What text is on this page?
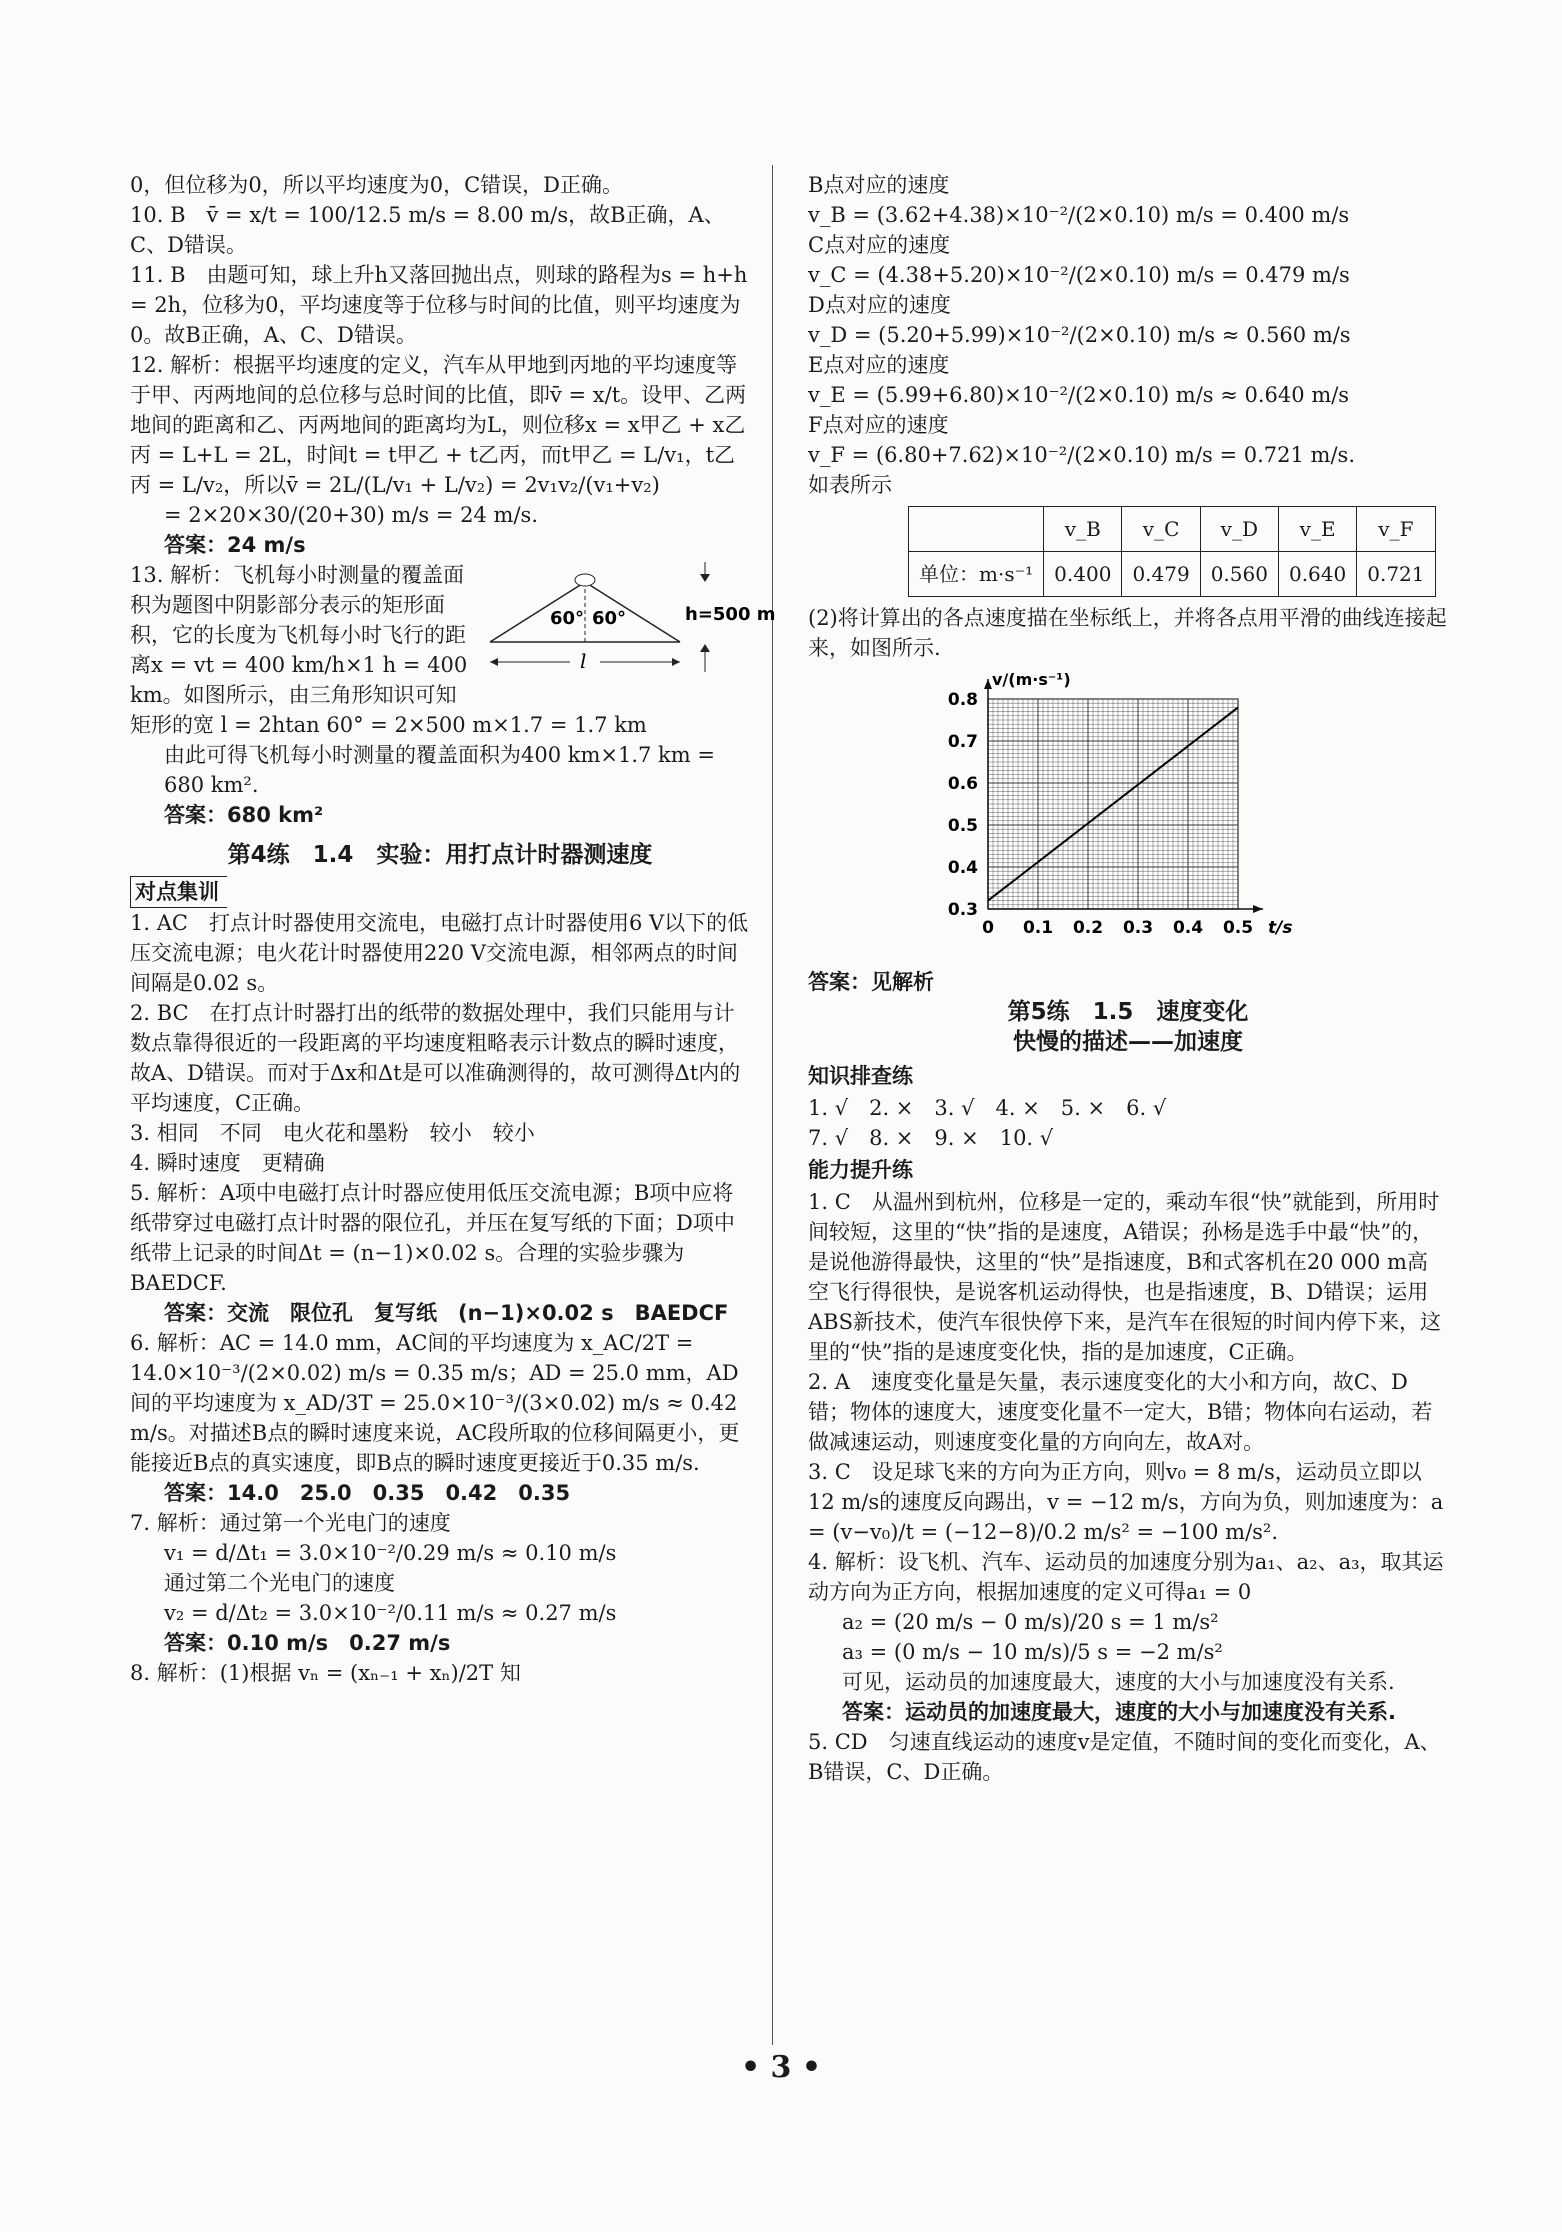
0，但位移为0，所以平均速度为0，C错误，D正确。

10. B　v̄ = x/t = 100/12.5 m/s = 8.00 m/s，故B正确，A、C、D错误。

11. B　由题可知，球上升h又落回抛出点，则球的路程为s = h+h = 2h，位移为0，平均速度等于位移与时间的比值，则平均速度为0。故B正确，A、C、D错误。

12. 解析：根据平均速度的定义，汽车从甲地到丙地的平均速度等于甲、丙两地间的总位移与总时间的比值，即v̄ = x/t。设甲、乙两地间的距离和乙、丙两地间的距离均为L，则位移x = x甲乙 + x乙丙 = L+L = 2L，时间t = t甲乙 + t乙丙，而t甲乙 = L/v₁，t乙丙 = L/v₂，所以v̄ = 2L/(L/v₁ + L/v₂) = 2v₁v₂/(v₁+v₂)

= 2×20×30/(20+30) m/s = 24 m/s.

答案：24 m/s

60° 60°	h=500 m
l

13. 解析：飞机每小时测量的覆盖面积为题图中阴影部分表示的矩形面积，它的长度为飞机每小时飞行的距离x = vt = 400 km/h×1 h = 400 km。如图所示，由三角形知识可知矩形的宽 l = 2htan 60° = 2×500 m×1.7 = 1.7 km

由此可得飞机每小时测量的覆盖面积为400 km×1.7 km = 680 km².

答案：680 km²

第4练　1.4　实验：用打点计时器测速度
对点集训

1. AC　打点计时器使用交流电，电磁打点计时器使用6 V以下的低压交流电源；电火花计时器使用220 V交流电源，相邻两点的时间间隔是0.02 s。

2. BC　在打点计时器打出的纸带的数据处理中，我们只能用与计数点靠得很近的一段距离的平均速度粗略表示计数点的瞬时速度，故A、D错误。而对于Δx和Δt是可以准确测得的，故可测得Δt内的平均速度，C正确。

3. 相同　不同　电火花和墨粉　较小　较小

4. 瞬时速度　更精确

5. 解析：A项中电磁打点计时器应使用低压交流电源；B项中应将纸带穿过电磁打点计时器的限位孔，并压在复写纸的下面；D项中纸带上记录的时间Δt = (n−1)×0.02 s。合理的实验步骤为BAEDCF.

答案：交流　限位孔　复写纸　(n−1)×0.02 s　BAEDCF

6. 解析：AC = 14.0 mm，AC间的平均速度为 x_AC/2T = 14.0×10⁻³/(2×0.02) m/s = 0.35 m/s；AD = 25.0 mm，AD间的平均速度为 x_AD/3T = 25.0×10⁻³/(3×0.02) m/s ≈ 0.42 m/s。对描述B点的瞬时速度来说，AC段所取的位移间隔更小，更能接近B点的真实速度，即B点的瞬时速度更接近于0.35 m/s.

答案：14.0　25.0　0.35　0.42　0.35

7. 解析：通过第一个光电门的速度

v₁ = d/Δt₁ = 3.0×10⁻²/0.29 m/s ≈ 0.10 m/s

通过第二个光电门的速度

v₂ = d/Δt₂ = 3.0×10⁻²/0.11 m/s ≈ 0.27 m/s

答案：0.10 m/s　0.27 m/s

8. 解析：(1)根据 vₙ = (xₙ₋₁ + xₙ)/2T 知

B点对应的速度

v_B = (3.62+4.38)×10⁻²/(2×0.10) m/s = 0.400 m/s

C点对应的速度

v_C = (4.38+5.20)×10⁻²/(2×0.10) m/s = 0.479 m/s

D点对应的速度

v_D = (5.20+5.99)×10⁻²/(2×0.10) m/s ≈ 0.560 m/s

E点对应的速度

v_E = (5.99+6.80)×10⁻²/(2×0.10) m/s ≈ 0.640 m/s

F点对应的速度

v_F = (6.80+7.62)×10⁻²/(2×0.10) m/s = 0.721 m/s.

如表所示

	v_B	v_C	v_D	v_E	v_F
单位：m·s⁻¹	0.400	0.479	0.560	0.640	0.721

(2)将计算出的各点速度描在坐标纸上，并将各点用平滑的曲线连接起来，如图所示.

0 0.1 0.2 0.3 0.4 0.5
0.3
0.4
0.5
0.6
0.7
0.8
t/s
v/(m·s⁻¹)

答案：见解析

第5练　1.5　速度变化
快慢的描述——加速度
知识排查练

1. √　2. ×　3. √　4. ×　5. ×　6. √

7. √　8. ×　9. ×　10. √

能力提升练

1. C　从温州到杭州，位移是一定的，乘动车很“快”就能到，所用时间较短，这里的“快”指的是速度，A错误；孙杨是选手中最“快”的，是说他游得最快，这里的“快”是指速度，B和式客机在20 000 m高空飞行得很快，是说客机运动得快，也是指速度，B、D错误；运用ABS新技术，使汽车很快停下来，是汽车在很短的时间内停下来，这里的“快”指的是速度变化快，指的是加速度，C正确。

2. A　速度变化量是矢量，表示速度变化的大小和方向，故C、D错；物体的速度大，速度变化量不一定大，B错；物体向右运动，若做减速运动，则速度变化量的方向向左，故A对。

3. C　设足球飞来的方向为正方向，则v₀ = 8 m/s，运动员立即以12 m/s的速度反向踢出，v = −12 m/s，方向为负，则加速度为：a = (v−v₀)/t = (−12−8)/0.2 m/s² = −100 m/s².

4. 解析：设飞机、汽车、运动员的加速度分别为a₁、a₂、a₃，取其运动方向为正方向，根据加速度的定义可得a₁ = 0

a₂ = (20 m/s − 0 m/s)/20 s = 1 m/s²

a₃ = (0 m/s − 10 m/s)/5 s = −2 m/s²

可见，运动员的加速度最大，速度的大小与加速度没有关系.

答案：运动员的加速度最大，速度的大小与加速度没有关系.

5. CD　匀速直线运动的速度v是定值，不随时间的变化而变化，A、B错误，C、D正确。

• 3 •
